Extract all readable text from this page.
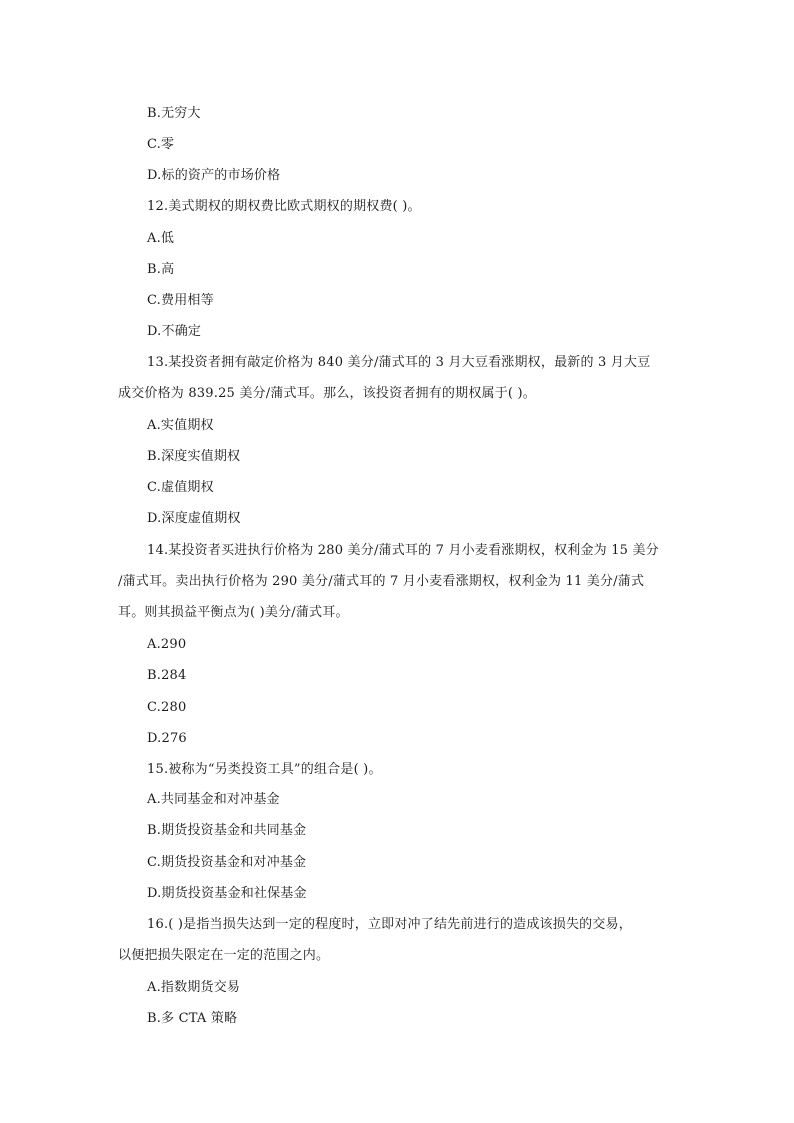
B.无穷大
C.零
D.标的资产的市场价格
12.美式期权的期权费比欧式期权的期权费( )。
A.低
B.高
C.费用相等
D.不确定
13.某投资者拥有敲定价格为 840 美分/蒲式耳的 3 月大豆看涨期权，最新的 3 月大豆
成交价格为 839.25 美分/蒲式耳。那么，该投资者拥有的期权属于( )。
A.实值期权
B.深度实值期权
C.虚值期权
D.深度虚值期权
14.某投资者买进执行价格为 280 美分/蒲式耳的 7 月小麦看涨期权，权利金为 15 美分
/蒲式耳。卖出执行价格为 290 美分/蒲式耳的 7 月小麦看涨期权，权利金为 11 美分/蒲式
耳。则其损益平衡点为( )美分/蒲式耳。
A.290
B.284
C.280
D.276
15.被称为“另类投资工具”的组合是( )。
A.共同基金和对冲基金
B.期货投资基金和共同基金
C.期货投资基金和对冲基金
D.期货投资基金和社保基金
16.( )是指当损失达到一定的程度时，立即对冲了结先前进行的造成该损失的交易，
以便把损失限定在一定的范围之内。
A.指数期货交易
B.多 CTA 策略
